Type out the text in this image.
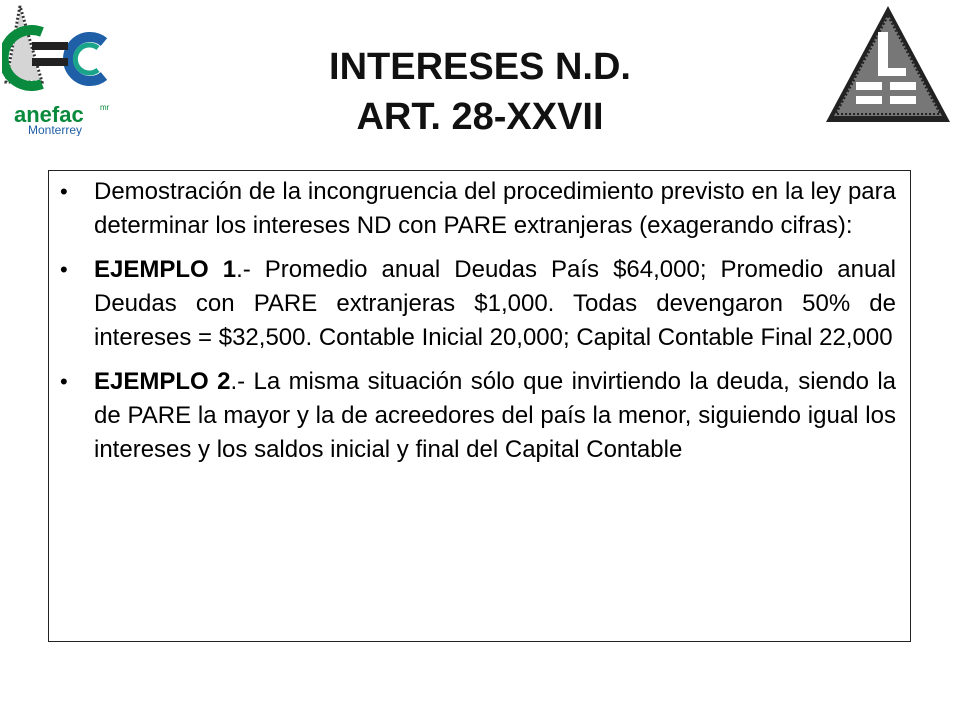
anefac mr
Monterrey
INTERESES N.D.
ART. 28-XXVII
• Demostración de la incongruencia del procedimiento previsto en la ley para determinar los intereses ND con PARE extranjeras (exagerando cifras):
• EJEMPLO 1.- Promedio anual Deudas País $64,000; Promedio anual Deudas con PARE extranjeras $1,000. Todas devengaron 50% de intereses = $32,500. Contable Inicial 20,000; Capital Contable Final 22,000
• EJEMPLO 2.- La misma situación sólo que invirtiendo la deuda, siendo la de PARE la mayor y la de acreedores del país la menor, siguiendo igual los intereses y los saldos inicial y final del Capital Contable
